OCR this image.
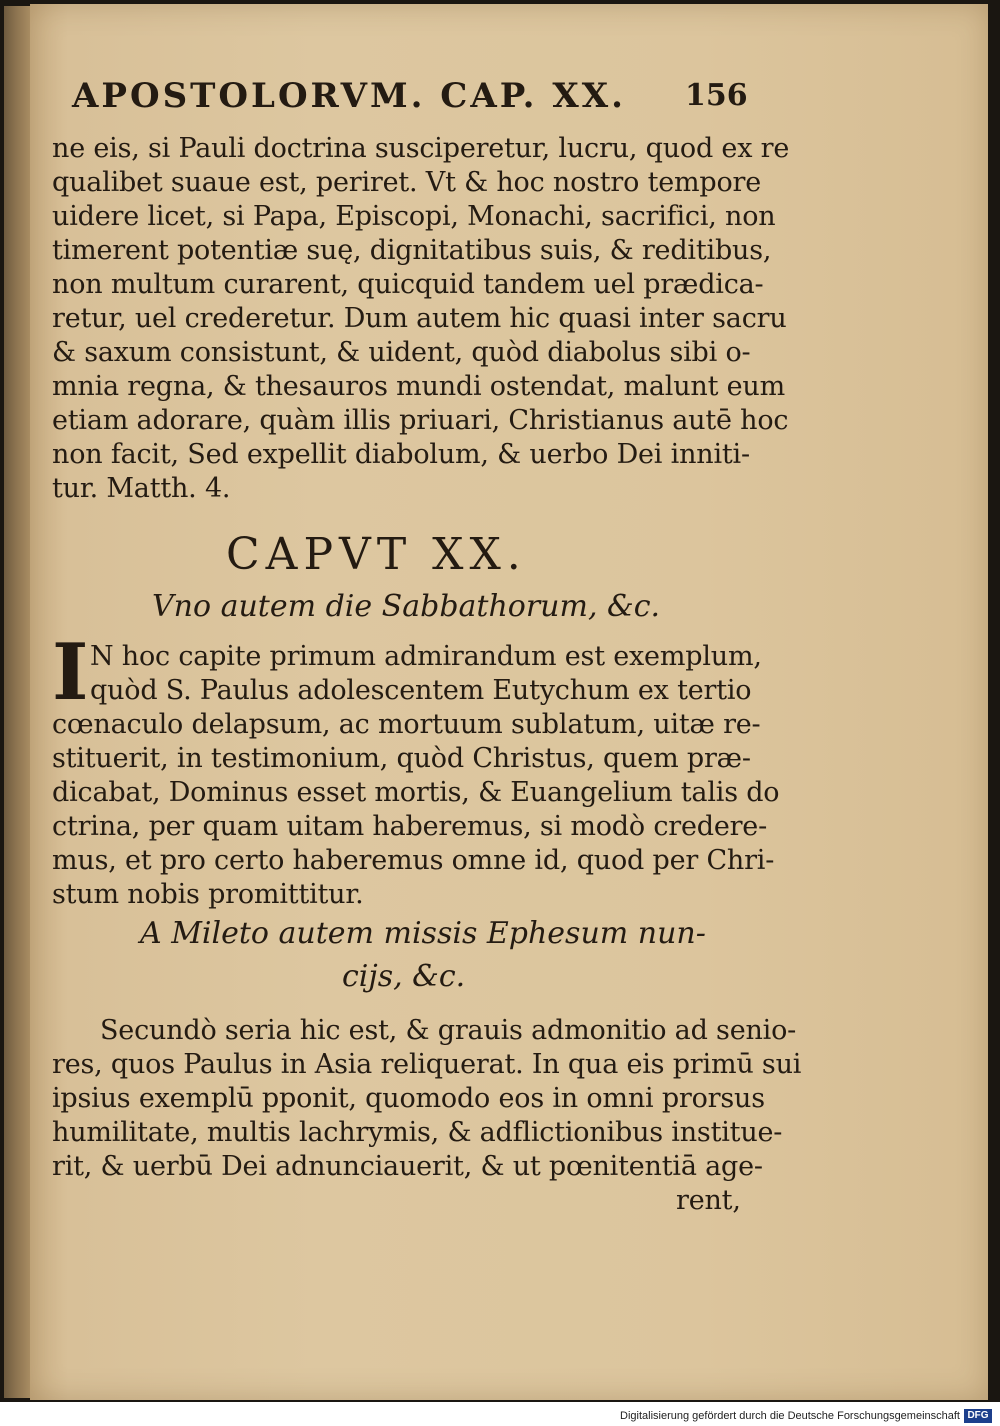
APOSTOLORVM. CAP. XX. 156

ne eis, si Pauli doctrina susciperetur, lucru, quod ex re

qualibet suaue est, periret. Vt & hoc nostro tempore

uidere licet, si Papa, Episcopi, Monachi, sacrifici, non

timerent potentiæ suę, dignitatibus suis, & reditibus,

non multum curarent, quicquid tandem uel prædica-

retur, uel crederetur. Dum autem hic quasi inter sacru

& saxum consistunt, & uident, quòd diabolus sibi o-

mnia regna, & thesauros mundi ostendat, malunt eum

etiam adorare, quàm illis priuari, Christianus autē hoc

non facit, Sed expellit diabolum, & uerbo Dei inniti-

tur. Matth. 4.

CAPVT XX.

Vno autem die Sabbathorum, &c.

I N hoc capite primum admirandum est exemplum,

quòd S. Paulus adolescentem Eutychum ex tertio

cœnaculo delapsum, ac mortuum sublatum, uitæ re-

stituerit, in testimonium, quòd Christus, quem præ-

dicabat, Dominus esset mortis, & Euangelium talis do

ctrina, per quam uitam haberemus, si modò credere-

mus, et pro certo haberemus omne id, quod per Chri-

stum nobis promittitur.

A Mileto autem missis Ephesum nun-

cijs, &c.

Secundò seria hic est, & grauis admonitio ad senio-

res, quos Paulus in Asia reliquerat. In qua eis primū sui

ipsius exemplū pponit, quomodo eos in omni prorsus

humilitate, multis lachrymis, & adflictionibus institue-

rit, & uerbū Dei adnunciauerit, & ut pœnitentiā age-

rent,

Digitalisierung gefördert durch die Deutsche Forschungsgemeinschaft DFG
